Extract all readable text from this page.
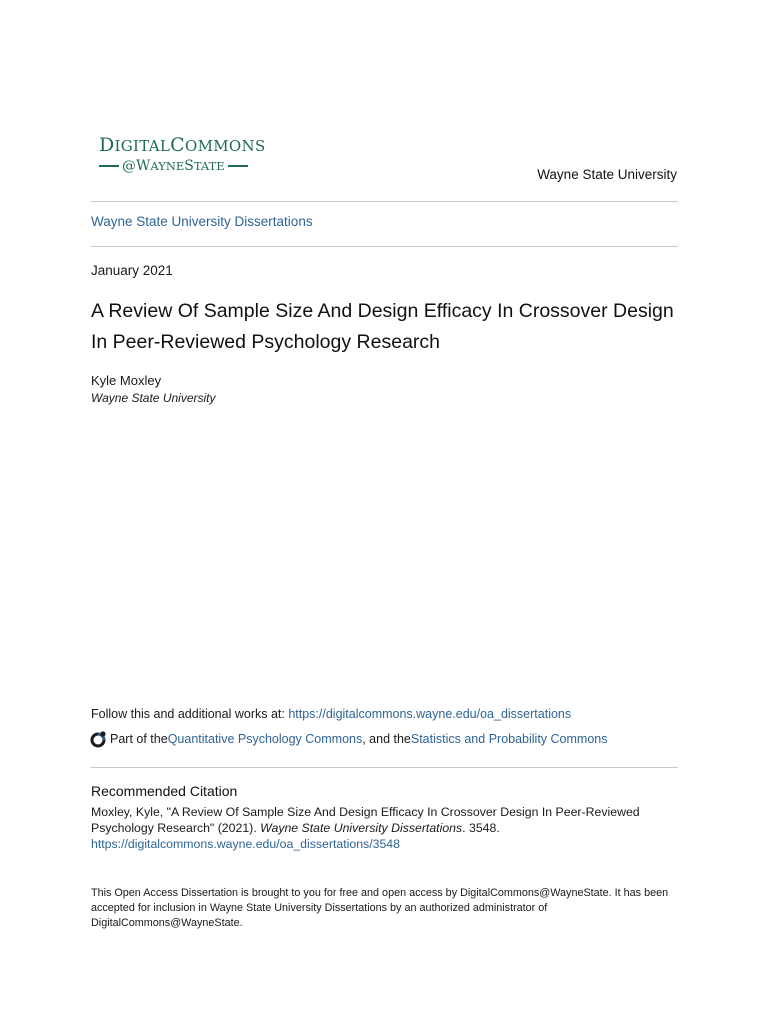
DIGITALCOMMONS
@WAYNESTATE
Wayne State University
Wayne State University Dissertations
January 2021
A Review Of Sample Size And Design Efficacy In Crossover Design In Peer-Reviewed Psychology Research
Kyle Moxley
Wayne State University
Follow this and additional works at: https://digitalcommons.wayne.edu/oa_dissertations
Part of the Quantitative Psychology Commons , and the Statistics and Probability Commons
Recommended Citation
Moxley, Kyle, "A Review Of Sample Size And Design Efficacy In Crossover Design In Peer-Reviewed Psychology Research" (2021). Wayne State University Dissertations. 3548.
https://digitalcommons.wayne.edu/oa_dissertations/3548
This Open Access Dissertation is brought to you for free and open access by DigitalCommons@WayneState. It has been accepted for inclusion in Wayne State University Dissertations by an authorized administrator of DigitalCommons@WayneState.
